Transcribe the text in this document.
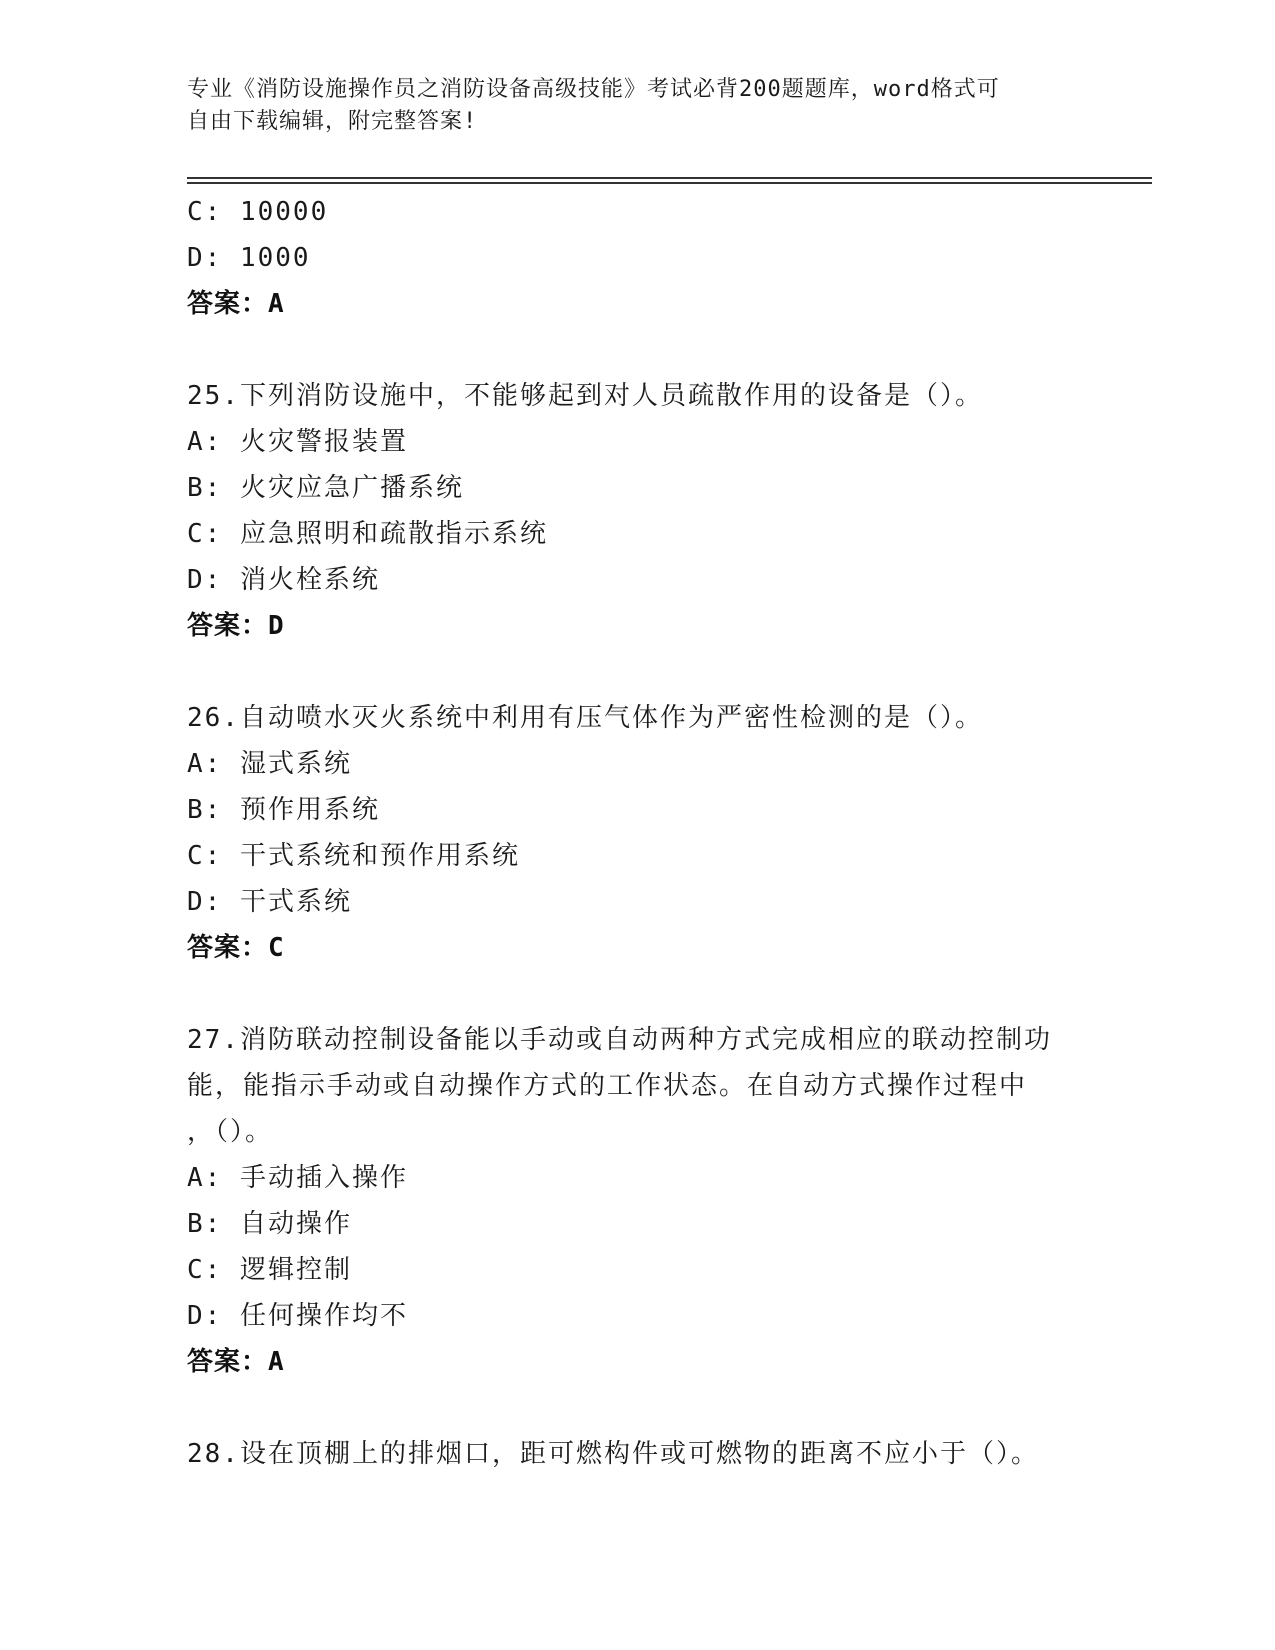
专业《消防设施操作员之消防设备高级技能》考试必背200题题库，word格式可
自由下载编辑，附完整答案!
C: 10000
D: 1000
答案：A
25.下列消防设施中，不能够起到对人员疏散作用的设备是（）。
A: 火灾警报装置
B: 火灾应急广播系统
C: 应急照明和疏散指示系统
D: 消火栓系统
答案：D
26.自动喷水灭火系统中利用有压气体作为严密性检测的是（）。
A: 湿式系统
B: 预作用系统
C: 干式系统和预作用系统
D: 干式系统
答案：C
27.消防联动控制设备能以手动或自动两种方式完成相应的联动控制功
能，能指示手动或自动操作方式的工作状态。在自动方式操作过程中
，（）。
A: 手动插入操作
B: 自动操作
C: 逻辑控制
D: 任何操作均不
答案：A
28.设在顶棚上的排烟口，距可燃构件或可燃物的距离不应小于（）。
